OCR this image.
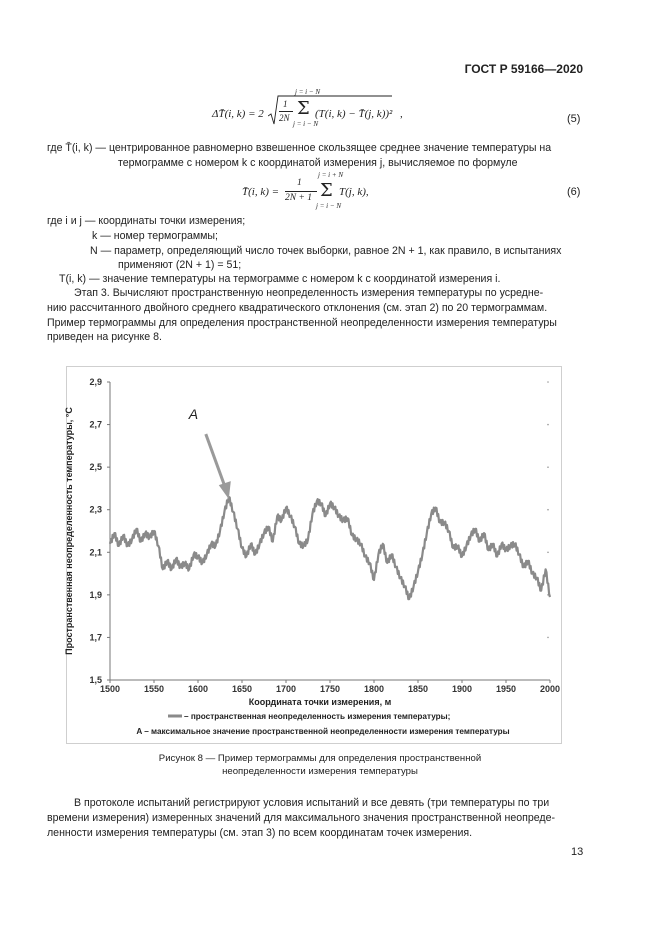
ГОСТ Р 59166—2020
ΔT̄(i, k) = 2
1
2N
j = i − N
Σ
j = i − N
(T(i, k) − T̄(j, k))² ,	(5)
где T̄(i, k) — центрированное равномерно взвешенное скользящее среднее значение температуры на
термограмме с номером k с координатой измерения j, вычисляемое по формуле
T̄(i, k) =
1
2N + 1
j = i + N
Σ
j = i − N
T(j, k),	(6)
где i и j — координаты точки измерения;
k — номер термограммы;
N — параметр, определяющий число точек выборки, равное 2N + 1, как правило, в испытаниях
применяют (2N + 1) = 51;
T(i, k) — значение температуры на термограмме с номером k с координатой измерения i.
Этап 3. Вычисляют пространственную неопределенность измерения температуры по усредне-
нию рассчитанного двойного среднего квадратического отклонения (см. этап 2) по 20 термограммам.
Пример термограммы для определения пространственной неопределенности измерения температуры
приведен на рисунке 8.
1,5
1,7
1,9
2,1
2,3
2,5
2,7
2,9
1500	1550	1600	1650	1700	1750	1800	1850	1900	1950	2000
A
Пространственная неопределенность температуры, °С
Координата точки измерения, м
– пространственная неопределенность измерения температуры;
A – максимальное значение пространственной неопределенности измерения температуры
Рисунок 8 — Пример термограммы для определения пространственной
неопределенности измерения температуры
В протоколе испытаний регистрируют условия испытаний и все девять (три температуры по три
времени измерения) измеренных значений для максимального значения пространственной неопреде-
ленности измерения температуры (см. этап 3) по всем координатам точек измерения.
13
